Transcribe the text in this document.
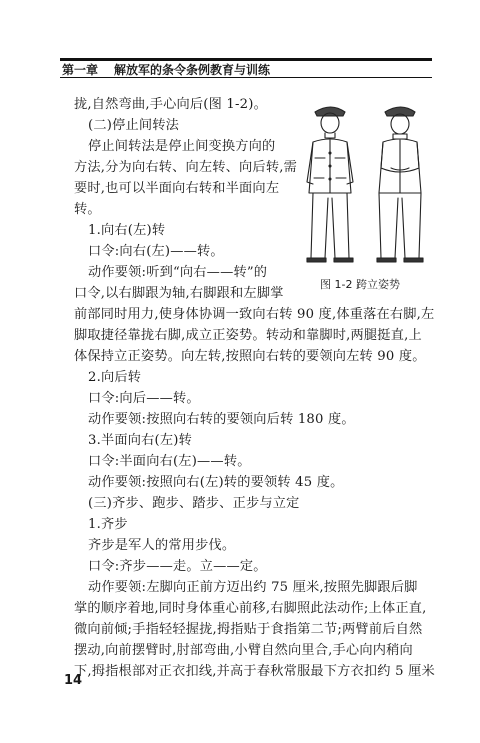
第一章 解放军的条令条例教育与训练
拢,自然弯曲,手心向后(图 1-2)。
(二)停止间转法
停止间转法是停止间变换方向的
方法,分为向右转、向左转、向后转,需
要时,也可以半面向右转和半面向左
转。
1.向右(左)转
口令:向右(左)——转。
动作要领:听到“向右——转”的
口令,以右脚跟为轴,右脚跟和左脚掌
前部同时用力,使身体协调一致向右转 90 度,体重落在右脚,左
脚取捷径靠拢右脚,成立正姿势。转动和靠脚时,两腿挺直,上
体保持立正姿势。向左转,按照向右转的要领向左转 90 度。
2.向后转
口令:向后——转。
动作要领:按照向右转的要领向后转 180 度。
3.半面向右(左)转
口令:半面向右(左)——转。
动作要领:按照向右(左)转的要领转 45 度。
(三)齐步、跑步、踏步、正步与立定
1.齐步
齐步是军人的常用步伐。
口令:齐步——走。立——定。
动作要领:左脚向正前方迈出约 75 厘米,按照先脚跟后脚
掌的顺序着地,同时身体重心前移,右脚照此法动作;上体正直,
微向前倾;手指轻轻握拢,拇指贴于食指第二节;两臂前后自然
摆动,向前摆臂时,肘部弯曲,小臂自然向里合,手心向内稍向
下,拇指根部对正衣扣线,并高于春秋常服最下方衣扣约 5 厘米
图 1-2 跨立姿势
14
